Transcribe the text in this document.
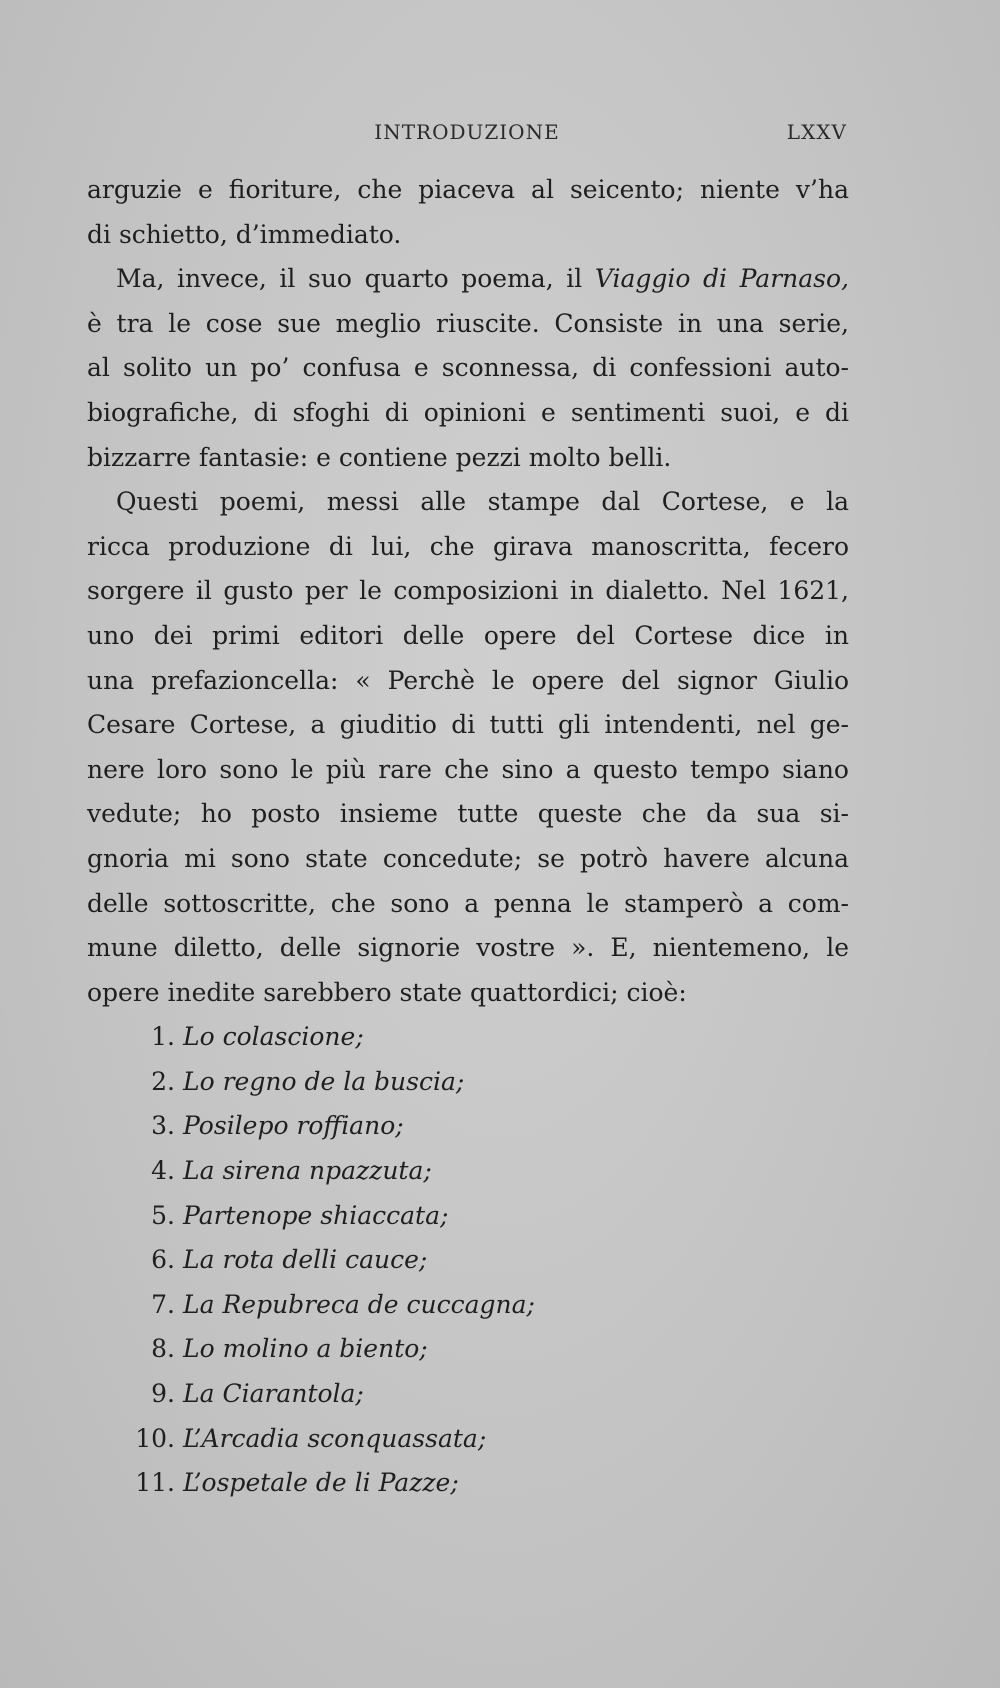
INTRODUZIONE	LXXV
arguzie e fioriture, che piaceva al seicento; niente v’ha
di schietto, d’immediato.
Ma, invece, il suo quarto poema, il Viaggio di Parnaso,
è tra le cose sue meglio riuscite. Consiste in una serie,
al solito un po’ confusa e sconnessa, di confessioni auto-
biografiche, di sfoghi di opinioni e sentimenti suoi, e di
bizzarre fantasie: e contiene pezzi molto belli.
Questi poemi, messi alle stampe dal Cortese, e la
ricca produzione di lui, che girava manoscritta, fecero
sorgere il gusto per le composizioni in dialetto. Nel 1621,
uno dei primi editori delle opere del Cortese dice in
una prefazioncella: « Perchè le opere del signor Giulio
Cesare Cortese, a giuditio di tutti gli intendenti, nel ge-
nere loro sono le più rare che sino a questo tempo siano
vedute; ho posto insieme tutte queste che da sua si-
gnoria mi sono state concedute; se potrò havere alcuna
delle sottoscritte, che sono a penna le stamperò a com-
mune diletto, delle signorie vostre ». E, nientemeno, le
opere inedite sarebbero state quattordici; cioè:
1. Lo colascione;
2. Lo regno de la buscia;
3. Posilepo roffiano;
4. La sirena npazzuta;
5. Partenope shiaccata;
6. La rota delli cauce;
7. La Repubreca de cuccagna;
8. Lo molino a biento;
9. La Ciarantola;
10. L’Arcadia sconquassata;
11. L’ospetale de li Pazze;
